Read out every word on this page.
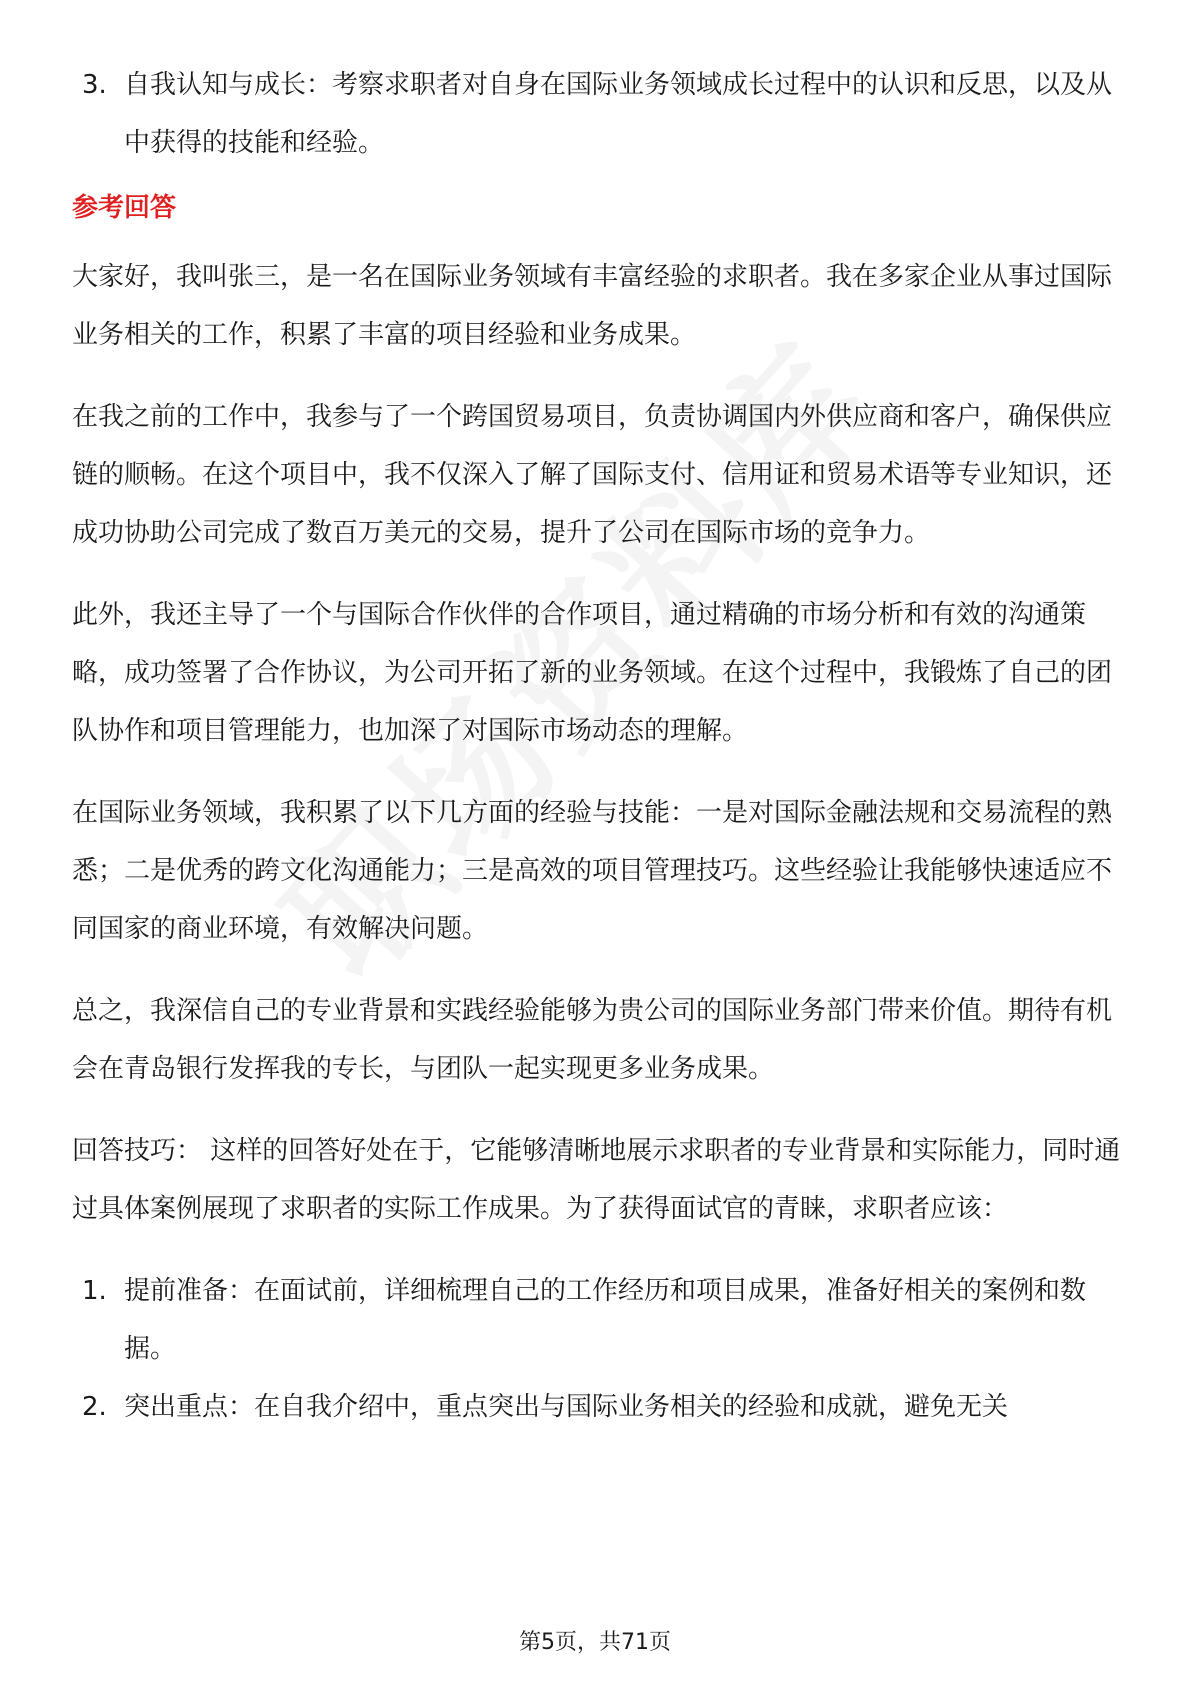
3. 自我认知与成长：考察求职者对自身在国际业务领域成长过程中的认识和反思，以及从中获得的技能和经验。
参考回答

大家好，我叫张三，是一名在国际业务领域有丰富经验的求职者。我在多家企业从事过国际业务相关的工作，积累了丰富的项目经验和业务成果。

在我之前的工作中，我参与了一个跨国贸易项目，负责协调国内外供应商和客户，确保供应链的顺畅。在这个项目中，我不仅深入了解了国际支付、信用证和贸易术语等专业知识，还成功协助公司完成了数百万美元的交易，提升了公司在国际市场的竞争力。

此外，我还主导了一个与国际合作伙伴的合作项目，通过精确的市场分析和有效的沟通策略，成功签署了合作协议，为公司开拓了新的业务领域。在这个过程中，我锻炼了自己的团队协作和项目管理能力，也加深了对国际市场动态的理解。

在国际业务领域，我积累了以下几方面的经验与技能：一是对国际金融法规和交易流程的熟悉；二是优秀的跨文化沟通能力；三是高效的项目管理技巧。这些经验让我能够快速适应不同国家的商业环境，有效解决问题。

总之，我深信自己的专业背景和实践经验能够为贵公司的国际业务部门带来价值。期待有机会在青岛银行发挥我的专长，与团队一起实现更多业务成果。

回答技巧： 这样的回答好处在于，它能够清晰地展示求职者的专业背景和实际能力，同时通过具体案例展现了求职者的实际工作成果。为了获得面试官的青睐，求职者应该：

1. 提前准备：在面试前，详细梳理自己的工作经历和项目成果，准备好相关的案例和数据。
2. 突出重点：在自我介绍中，重点突出与国际业务相关的经验和成就，避免无关
第5页，共71页
